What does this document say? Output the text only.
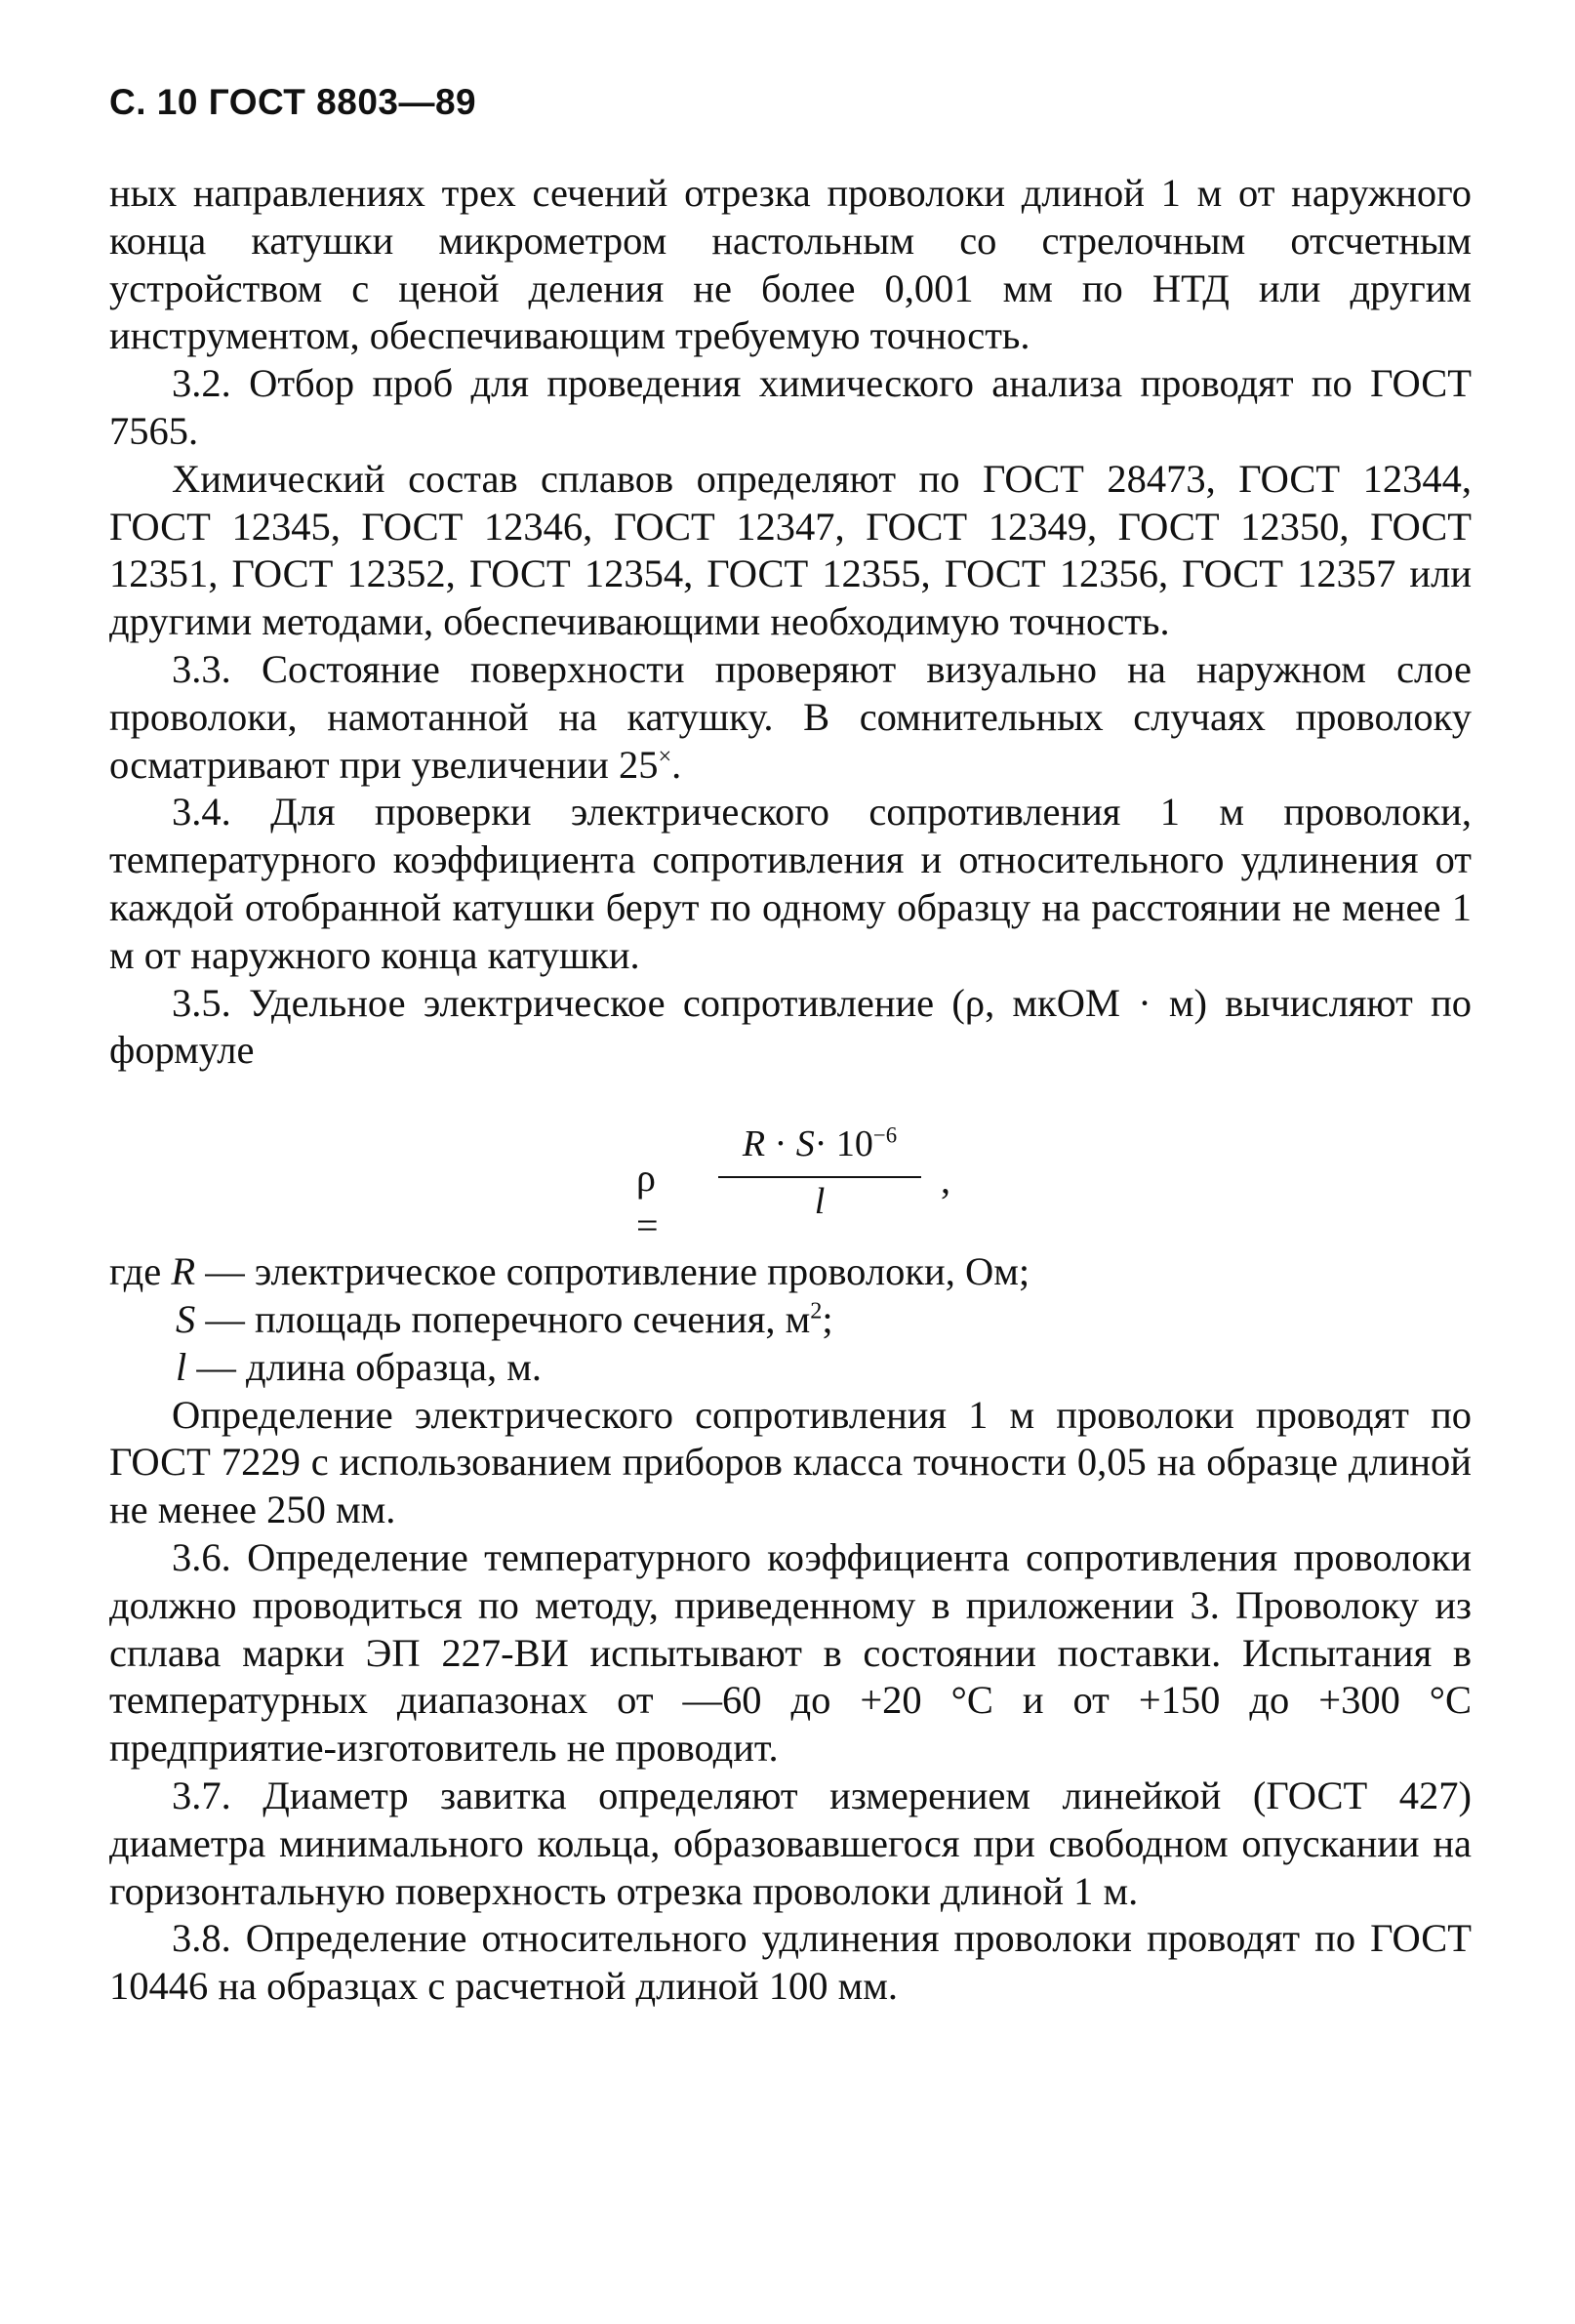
С. 10 ГОСТ 8803—89

ных направлениях трех сечений отрезка проволоки длиной 1 м от наружного конца катушки микрометром настольным со стрелочным отсчетным устройством с ценой деления не более 0,001 мм по НТД или другим инструментом, обеспечивающим требуемую точность.

3.2. Отбор проб для проведения химического анализа проводят по ГОСТ 7565.

Химический состав сплавов определяют по ГОСТ 28473, ГОСТ 12344, ГОСТ 12345, ГОСТ 12346, ГОСТ 12347, ГОСТ 12349, ГОСТ 12350, ГОСТ 12351, ГОСТ 12352, ГОСТ 12354, ГОСТ 12355, ГОСТ 12356, ГОСТ 12357 или другими методами, обеспечивающими необходимую точность.

3.3. Состояние поверхности проверяют визуально на наружном слое проволоки, намотанной на катушку. В сомнительных случаях проволоку осматривают при увеличении 25×.

3.4. Для проверки электрического сопротивления 1 м проволоки, температурного коэффициента сопротивления и относительного удлинения от каждой отобранной катушки берут по одному образцу на расстоянии не менее 1 м от наружного конца катушки.

3.5. Удельное электрическое сопротивление (ρ, мкОМ · м) вычисляют по формуле

ρ =
$R \cdot S\cdot 10^{-6}$
l	,

где R — электрическое сопротивление проволоки, Ом;

S — площадь поперечного сечения, $м^2$;

l — длина образца, м.

Определение электрического сопротивления 1 м проволоки проводят по ГОСТ 7229 с использованием приборов класса точности 0,05 на образце длиной не менее 250 мм.

3.6. Определение температурного коэффициента сопротивления проволоки должно проводиться по методу, приведенному в приложении 3. Проволоку из сплава марки ЭП 227-ВИ испытывают в состоянии поставки. Испытания в температурных диапазонах от —60 до +20 °С и от +150 до +300 °С предприятие-изготовитель не проводит.

3.7. Диаметр завитка определяют измерением линейкой (ГОСТ 427) диаметра минимального кольца, образовавшегося при свободном опускании на горизонтальную поверхность отрезка проволоки длиной 1 м.

3.8. Определение относительного удлинения проволоки проводят по ГОСТ 10446 на образцах с расчетной длиной 100 мм.
